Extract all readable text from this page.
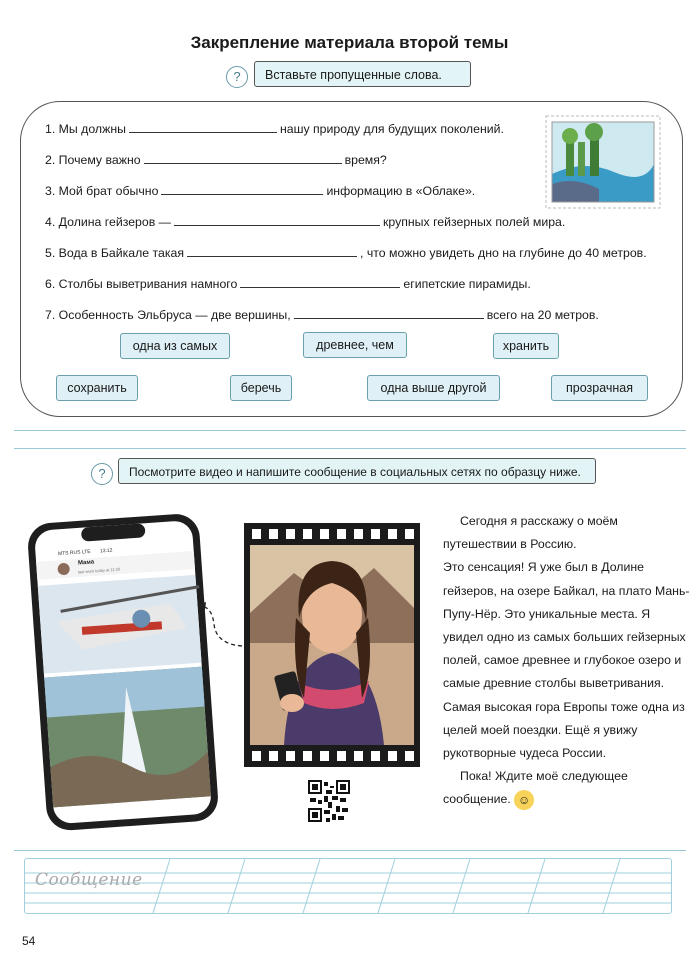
Закрепление материала второй темы
?	Вставьте пропущенные слова.
1. Мы должны	нашу природу для будущих поколений.
2. Почему важно	время?
3. Мой брат обычно	информацию в «Облаке».
4. Долина гейзеров —	крупных гейзерных полей мира.
5. Вода в Байкале такая	, что можно увидеть дно на глубине до 40 метров.
6. Столбы выветривания намного	египетские пирамиды.
7. Особенность Эльбруса — две вершины,	всего на 20 метров.
одна из самых	древнее, чем	хранить
сохранить	беречь	одна выше другой	прозрачная
?	Посмотрите видео и напишите сообщение в социальных сетях по образцу ниже.
MTS RUS LTE 13:12
Мама
last seen today at 11:20

Сегодня я расскажу о моём путешествии в Россию.

Это сенсация! Я уже был в Долине гейзеров, на озере Байкал, на плато Мань-Пупу-Нёр. Это уникальные места. Я увидел одно из самых больших гейзерных полей, самое древнее и глубокое озеро и самые древние столбы выветривания. Самая высокая гора Европы тоже одна из целей моей поездки. Ещё я увижу рукотворные чудеса России.

Пока! Ждите моё следующее сообщение. ☺

Сообщение
54
